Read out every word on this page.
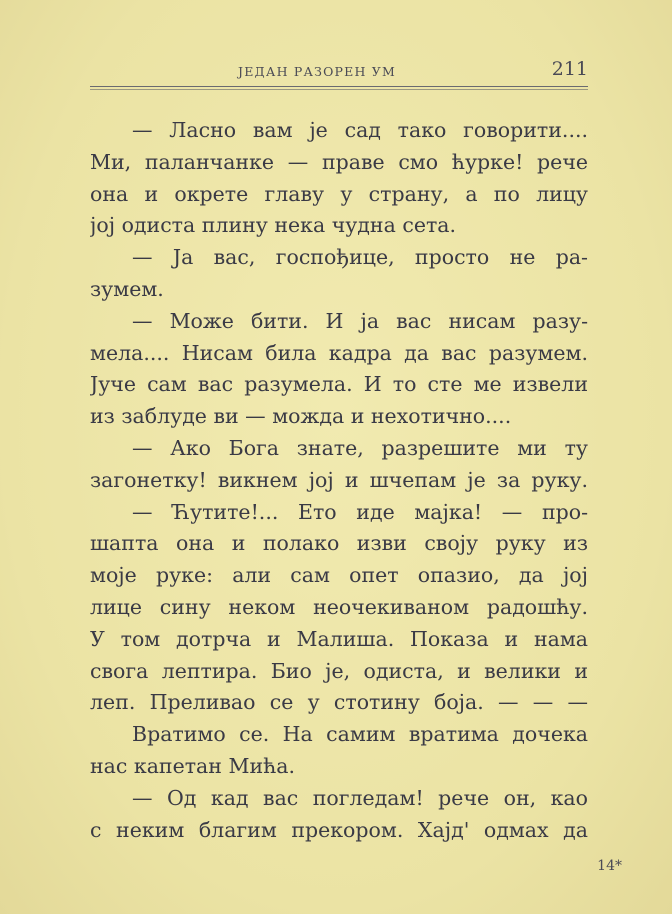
ЈЕДАН РАЗОРЕН УМ	211
— Ласно вам је сад тако говорити....
Ми, паланчанке — праве смо ћурке! рече
она и окрете главу у страну, а по лицу
јој одиста плину нека чудна сета.
— Ја вас, госпођице, просто не ра-
зумем.
— Може бити. И ја вас нисам разу-
мела.... Нисам била кадра да вас разумем.
Јуче сам вас разумела. И то сте ме извели
из заблуде ви — можда и нехотично....
— Ако Бога знате, разрешите ми ту
загонетку! викнем јој и шчепам је за руку.
— Ћутите!... Ето иде мајка! — про-
шапта она и полако изви своју руку из
моје руке: али сам опет опазио, да јој
лице сину неком неочекиваном радошћу.
У том дотрча и Малиша. Показа и нама
свога лептира. Био је, одиста, и велики и
леп. Преливао се у стотину боја. — — —
Вратимо се. На самим вратима дочека
нас капетан Мића.
— Од кад вас погледам! рече он, као
с неким благим прекором. Хајд' одмах да
14*
